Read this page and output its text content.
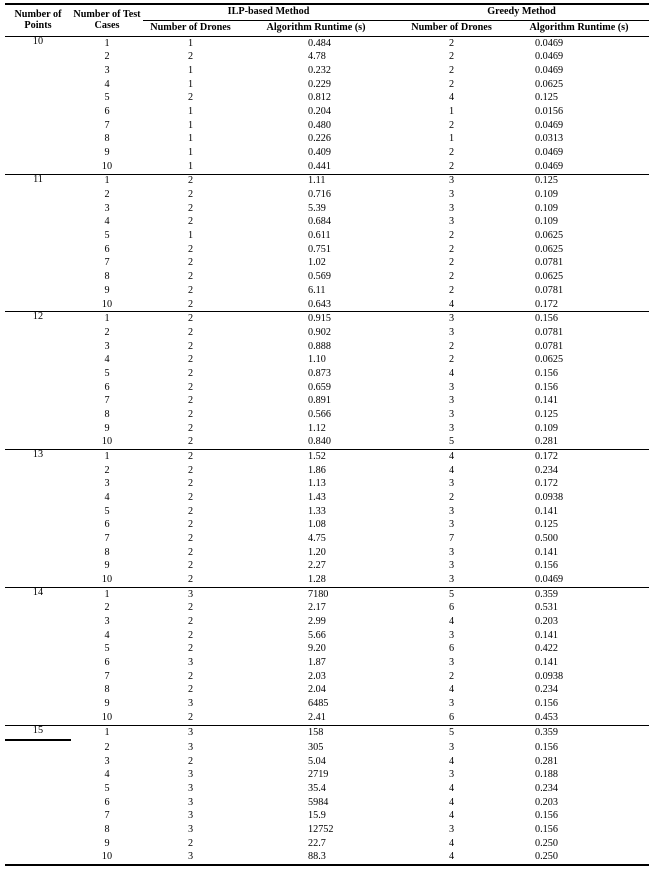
Number of Points	Number of Test Cases	ILP-based Method		Greedy Method	
		Number of Drones	Algorithm Runtime (s)	Number of Drones	Algorithm Runtime (s)
10	1	1	0.484	2	0.0469
	2	2	4.78	2	0.0469
	3	1	0.232	2	0.0469
	4	1	0.229	2	0.0625
	5	2	0.812	4	0.125
	6	1	0.204	1	0.0156
	7	1	0.480	2	0.0469
	8	1	0.226	1	0.0313
	9	1	0.409	2	0.0469
	10	1	0.441	2	0.0469
11	1	2	1.11	3	0.125
	2	2	0.716	3	0.109
	3	2	5.39	3	0.109
	4	2	0.684	3	0.109
	5	1	0.611	2	0.0625
	6	2	0.751	2	0.0625
	7	2	1.02	2	0.0781
	8	2	0.569	2	0.0625
	9	2	6.11	2	0.0781
	10	2	0.643	4	0.172
12	1	2	0.915	3	0.156
	2	2	0.902	3	0.0781
	3	2	0.888	2	0.0781
	4	2	1.10	2	0.0625
	5	2	0.873	4	0.156
	6	2	0.659	3	0.156
	7	2	0.891	3	0.141
	8	2	0.566	3	0.125
	9	2	1.12	3	0.109
	10	2	0.840	5	0.281
13	1	2	1.52	4	0.172
	2	2	1.86	4	0.234
	3	2	1.13	3	0.172
	4	2	1.43	2	0.0938
	5	2	1.33	3	0.141
	6	2	1.08	3	0.125
	7	2	4.75	7	0.500
	8	2	1.20	3	0.141
	9	2	2.27	3	0.156
	10	2	1.28	3	0.0469
14	1	3	7180	5	0.359
	2	2	2.17	6	0.531
	3	2	2.99	4	0.203
	4	2	5.66	3	0.141
	5	2	9.20	6	0.422
	6	3	1.87	3	0.141
	7	2	2.03	2	0.0938
	8	2	2.04	4	0.234
	9	3	6485	3	0.156
	10	2	2.41	6	0.453
15	1	3	158	5	0.359
	2	3	305	3	0.156
	3	2	5.04	4	0.281
	4	3	2719	3	0.188
	5	3	35.4	4	0.234
	6	3	5984	4	0.203
	7	3	15.9	4	0.156
	8	3	12752	3	0.156
	9	2	22.7	4	0.250
	10	3	88.3	4	0.250
